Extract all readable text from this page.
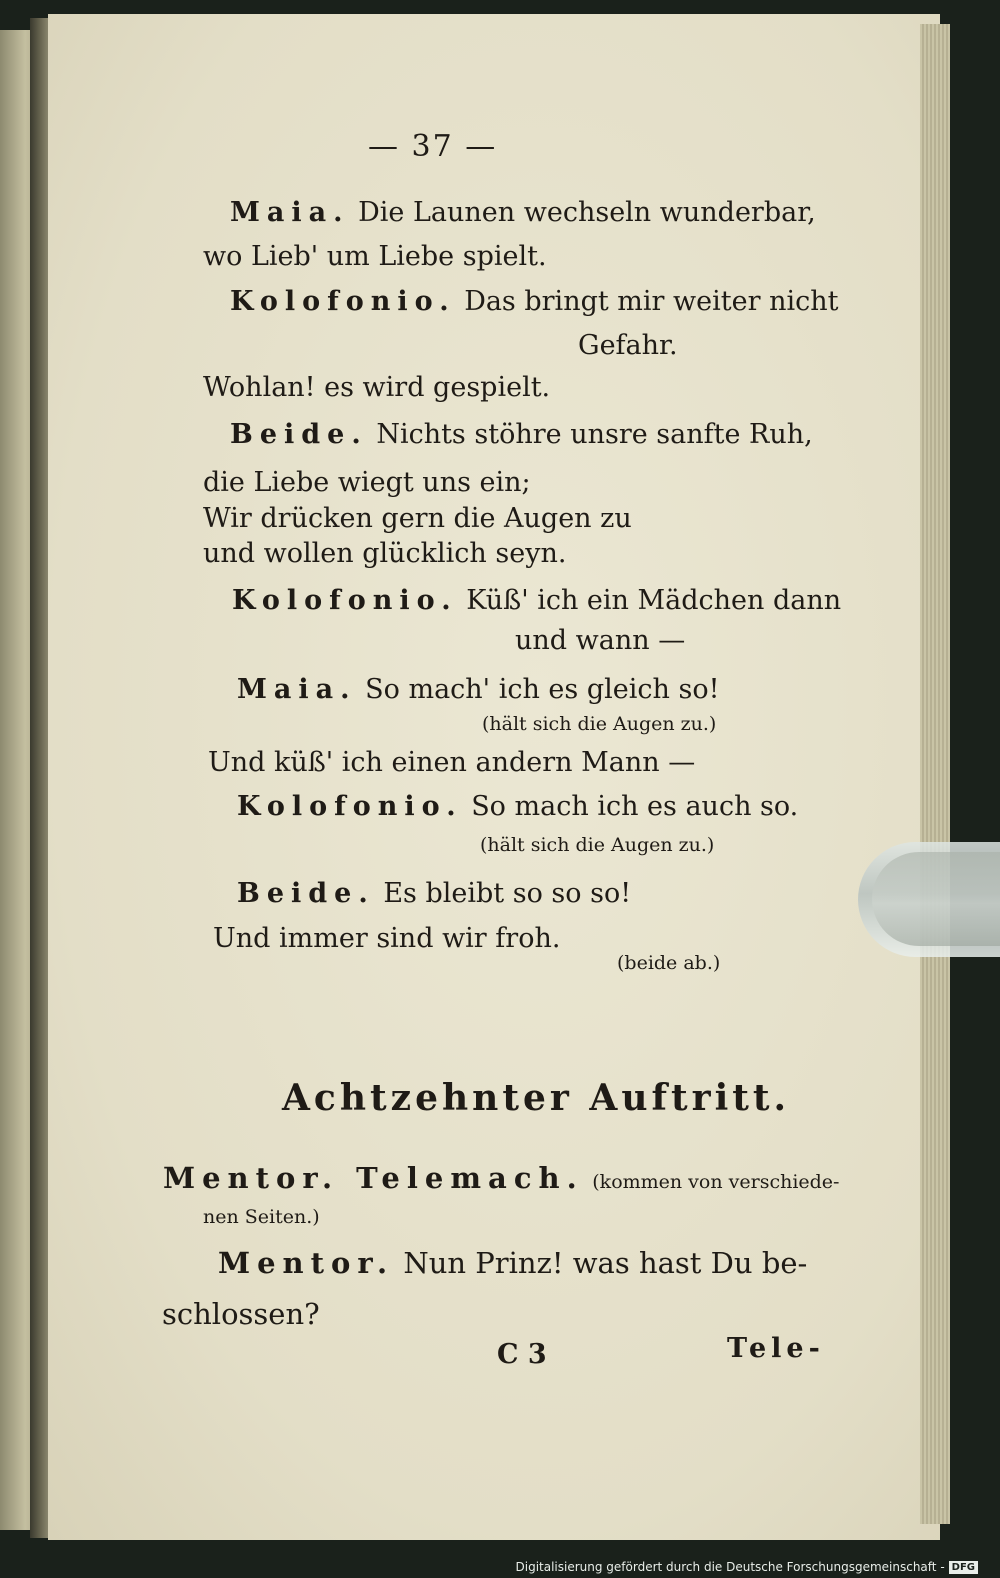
— 37 —

Maia. Die Launen wechseln wunderbar,

wo Lieb' um Liebe spielt.

Kolofonio. Das bringt mir weiter nicht

Gefahr.

Wohlan! es wird gespielt.

Beide. Nichts stöhre unsre sanfte Ruh,

die Liebe wiegt uns ein;

Wir drücken gern die Augen zu

und wollen glücklich seyn.

Kolofonio. Küß' ich ein Mädchen dann

und wann —

Maia. So mach' ich es gleich so!

(hält sich die Augen zu.)

Und küß' ich einen andern Mann —

Kolofonio. So mach ich es auch so.

(hält sich die Augen zu.)

Beide. Es bleibt so so so!

Und immer sind wir froh.

(beide ab.)

Achtzehnter Auftritt.

Mentor. Telemach. (kommen von verschiede-

nen Seiten.)

Mentor. Nun Prinz! was hast Du be-

schlossen?

C 3	Tele-

Digitalisierung gefördert durch die Deutsche Forschungsgemeinschaft - DFG
